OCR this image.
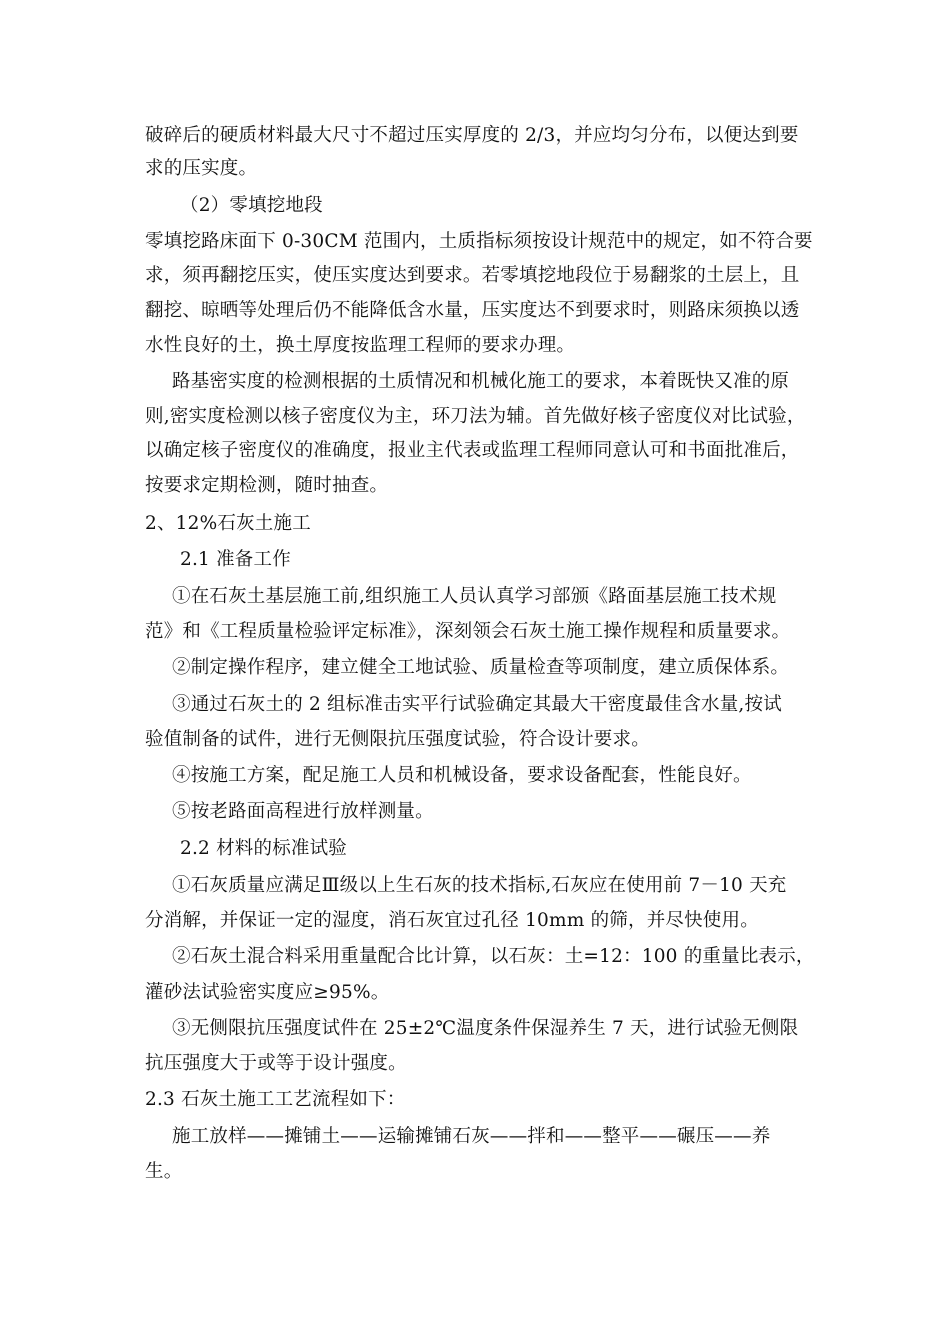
破碎后的硬质材料最大尺寸不超过压实厚度的 2/3，并应均匀分布，以便达到要
求的压实度。
（2）零填挖地段
零填挖路床面下 0-30CM 范围内，土质指标须按设计规范中的规定，如不符合要
求，须再翻挖压实，使压实度达到要求。若零填挖地段位于易翻浆的土层上，且
翻挖、晾晒等处理后仍不能降低含水量，压实度达不到要求时，则路床须换以透
水性良好的土，换土厚度按监理工程师的要求办理。
路基密实度的检测根据的土质情况和机械化施工的要求，本着既快又准的原
则,密实度检测以核子密度仪为主，环刀法为辅。首先做好核子密度仪对比试验，
以确定核子密度仪的准确度，报业主代表或监理工程师同意认可和书面批准后，
按要求定期检测，随时抽查。
2、12%石灰土施工
2.1 准备工作
①在石灰土基层施工前,组织施工人员认真学习部颁《路面基层施工技术规
范》和《工程质量检验评定标准》，深刻领会石灰土施工操作规程和质量要求。
②制定操作程序，建立健全工地试验、质量检查等项制度，建立质保体系。
③通过石灰土的 2 组标准击实平行试验确定其最大干密度最佳含水量,按试
验值制备的试件，进行无侧限抗压强度试验，符合设计要求。
④按施工方案，配足施工人员和机械设备，要求设备配套，性能良好。
⑤按老路面高程进行放样测量。
2.2 材料的标准试验
①石灰质量应满足Ⅲ级以上生石灰的技术指标,石灰应在使用前 7－10 天充
分消解，并保证一定的湿度，消石灰宜过孔径 10mm 的筛，并尽快使用。
②石灰土混合料采用重量配合比计算，以石灰：土=12：100 的重量比表示，
灌砂法试验密实度应≥95%。
③无侧限抗压强度试件在 25±2℃温度条件保湿养生 7 天，进行试验无侧限
抗压强度大于或等于设计强度。
2.3 石灰土施工工艺流程如下：
施工放样——摊铺土——运输摊铺石灰——拌和——整平——碾压——养
生。
